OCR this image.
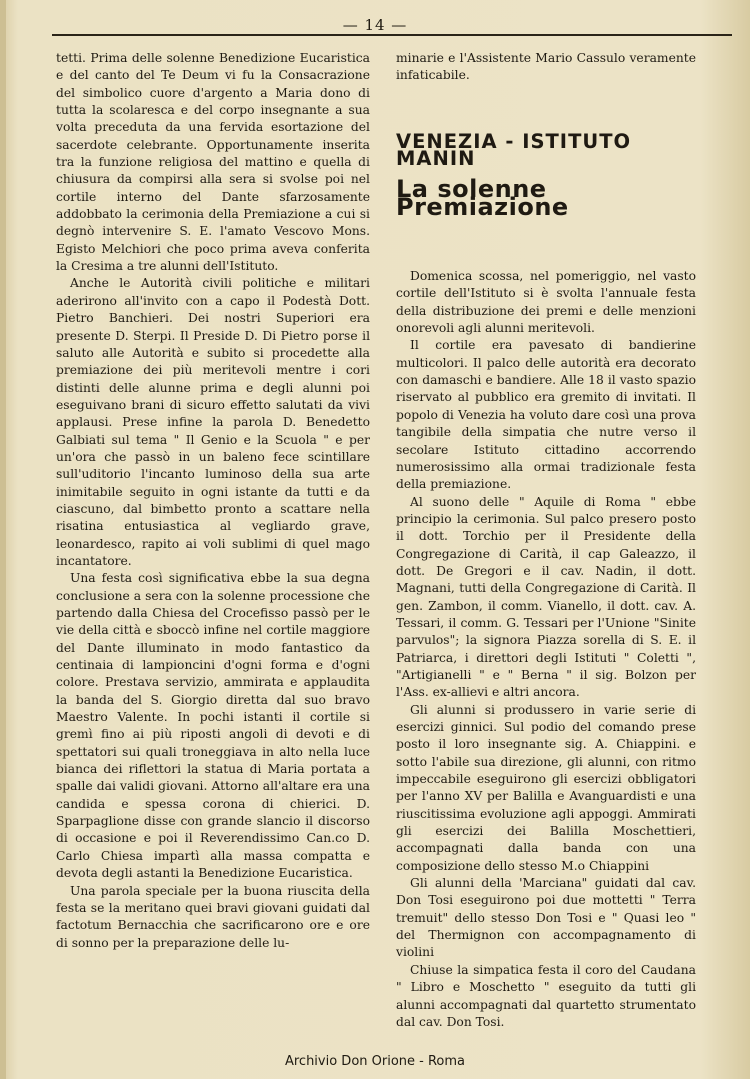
— 14 —

tetti. Prima delle solenne Benedizione Eucaristica e del canto del Te Deum vi fu la Consacrazione del simbolico cuore d'argento a Maria dono di tutta la scolaresca e del corpo insegnante a sua volta preceduta da una fervida esortazione del sacerdote celebrante. Opportunamente inserita tra la funzione religiosa del mattino e quella di chiusura da compirsi alla sera si svolse poi nel cortile interno del Dante sfarzosamente addobbato la cerimonia della Premiazione a cui si degnò intervenire S. E. l'amato Vescovo Mons. Egisto Melchiori che poco prima aveva conferita la Cresima a tre alunni dell'Istituto.

Anche le Autorità civili politiche e militari aderirono all'invito con a capo il Podestà Dott. Pietro Banchieri. Dei nostri Superiori era presente D. Sterpi. Il Preside D. Di Pietro porse il saluto alle Autorità e subito si procedette alla premiazione dei più meritevoli mentre i cori distinti delle alunne prima e degli alunni poi eseguivano brani di sicuro effetto salutati da vivi applausi. Prese infine la parola D. Benedetto Galbiati sul tema " Il Genio e la Scuola " e per un'ora che passò in un baleno fece scintillare sull'uditorio l'incanto luminoso della sua arte inimitabile seguito in ogni istante da tutti e da ciascuno, dal bimbetto pronto a scattare nella risatina entusiastica al vegliardo grave, leonardesco, rapito ai voli sublimi di quel mago incantatore.

Una festa così significativa ebbe la sua degna conclusione a sera con la solenne processione che partendo dalla Chiesa del Crocefisso passò per le vie della città e sboccò infine nel cortile maggiore del Dante illuminato in modo fantastico da centinaia di lampioncini d'ogni forma e d'ogni colore. Prestava servizio, ammirata e applaudita la banda del S. Giorgio diretta dal suo bravo Maestro Valente. In pochi istanti il cortile si gremì fino ai più riposti angoli di devoti e di spettatori sui quali troneggiava in alto nella luce bianca dei riflettori la statua di Maria portata a spalle dai validi giovani. Attorno all'altare era una candida e spessa corona di chierici. D. Sparpaglione disse con grande slancio il discorso di occasione e poi il Reverendissimo Can.co D. Carlo Chiesa impartì alla massa compatta e devota degli astanti la Benedizione Eucaristica.

Una parola speciale per la buona riuscita della festa se la meritano quei bravi giovani guidati dal factotum Bernacchia che sacrificarono ore e ore di sonno per la preparazione delle lu-

minarie e l'Assistente Mario Cassulo veramente infaticabile.

VENEZIA - ISTITUTO MANIN
La solenne Premiazione

Domenica scossa, nel pomeriggio, nel vasto cortile dell'Istituto si è svolta l'annuale festa della distribuzione dei premi e delle menzioni onorevoli agli alunni meritevoli.

Il cortile era pavesato di bandierine multicolori. Il palco delle autorità era decorato con damaschi e bandiere. Alle 18 il vasto spazio riservato al pubblico era gremito di invitati. Il popolo di Venezia ha voluto dare così una prova tangibile della simpatia che nutre verso il secolare Istituto cittadino accorrendo numerosissimo alla ormai tradizionale festa della premiazione.

Al suono delle " Aquile di Roma " ebbe principio la cerimonia. Sul palco presero posto il dott. Torchio per il Presidente della Congregazione di Carità, il cap Galeazzo, il dott. De Gregori e il cav. Nadin, il dott. Magnani, tutti della Congregazione di Carità. Il gen. Zambon, il comm. Vianello, il dott. cav. A. Tessari, il comm. G. Tessari per l'Unione "Sinite parvulos"; la signora Piazza sorella di S. E. il Patriarca, i direttori degli Istituti " Coletti ", "Artigianelli " e " Berna " il sig. Bolzon per l'Ass. ex-allievi e altri ancora.

Gli alunni si produssero in varie serie di esercizi ginnici. Sul podio del comando prese posto il loro insegnante sig. A. Chiappini. e sotto l'abile sua direzione, gli alunni, con ritmo impeccabile eseguirono gli esercizi obbligatori per l'anno XV per Balilla e Avanguardisti e una riuscitissima evoluzione agli appoggi. Ammirati gli esercizi dei Balilla Moschettieri, accompagnati dalla banda con una composizione dello stesso M.o Chiappini

Gli alunni della 'Marciana" guidati dal cav. Don Tosi eseguirono poi due mottetti " Terra tremuit" dello stesso Don Tosi e " Quasi leo " del Thermignon con accompagnamento di violini

Chiuse la simpatica festa il coro del Caudana " Libro e Moschetto " eseguito da tutti gli alunni accompagnati dal quartetto strumentato dal cav. Don Tosi.

Archivio Don Orione - Roma
